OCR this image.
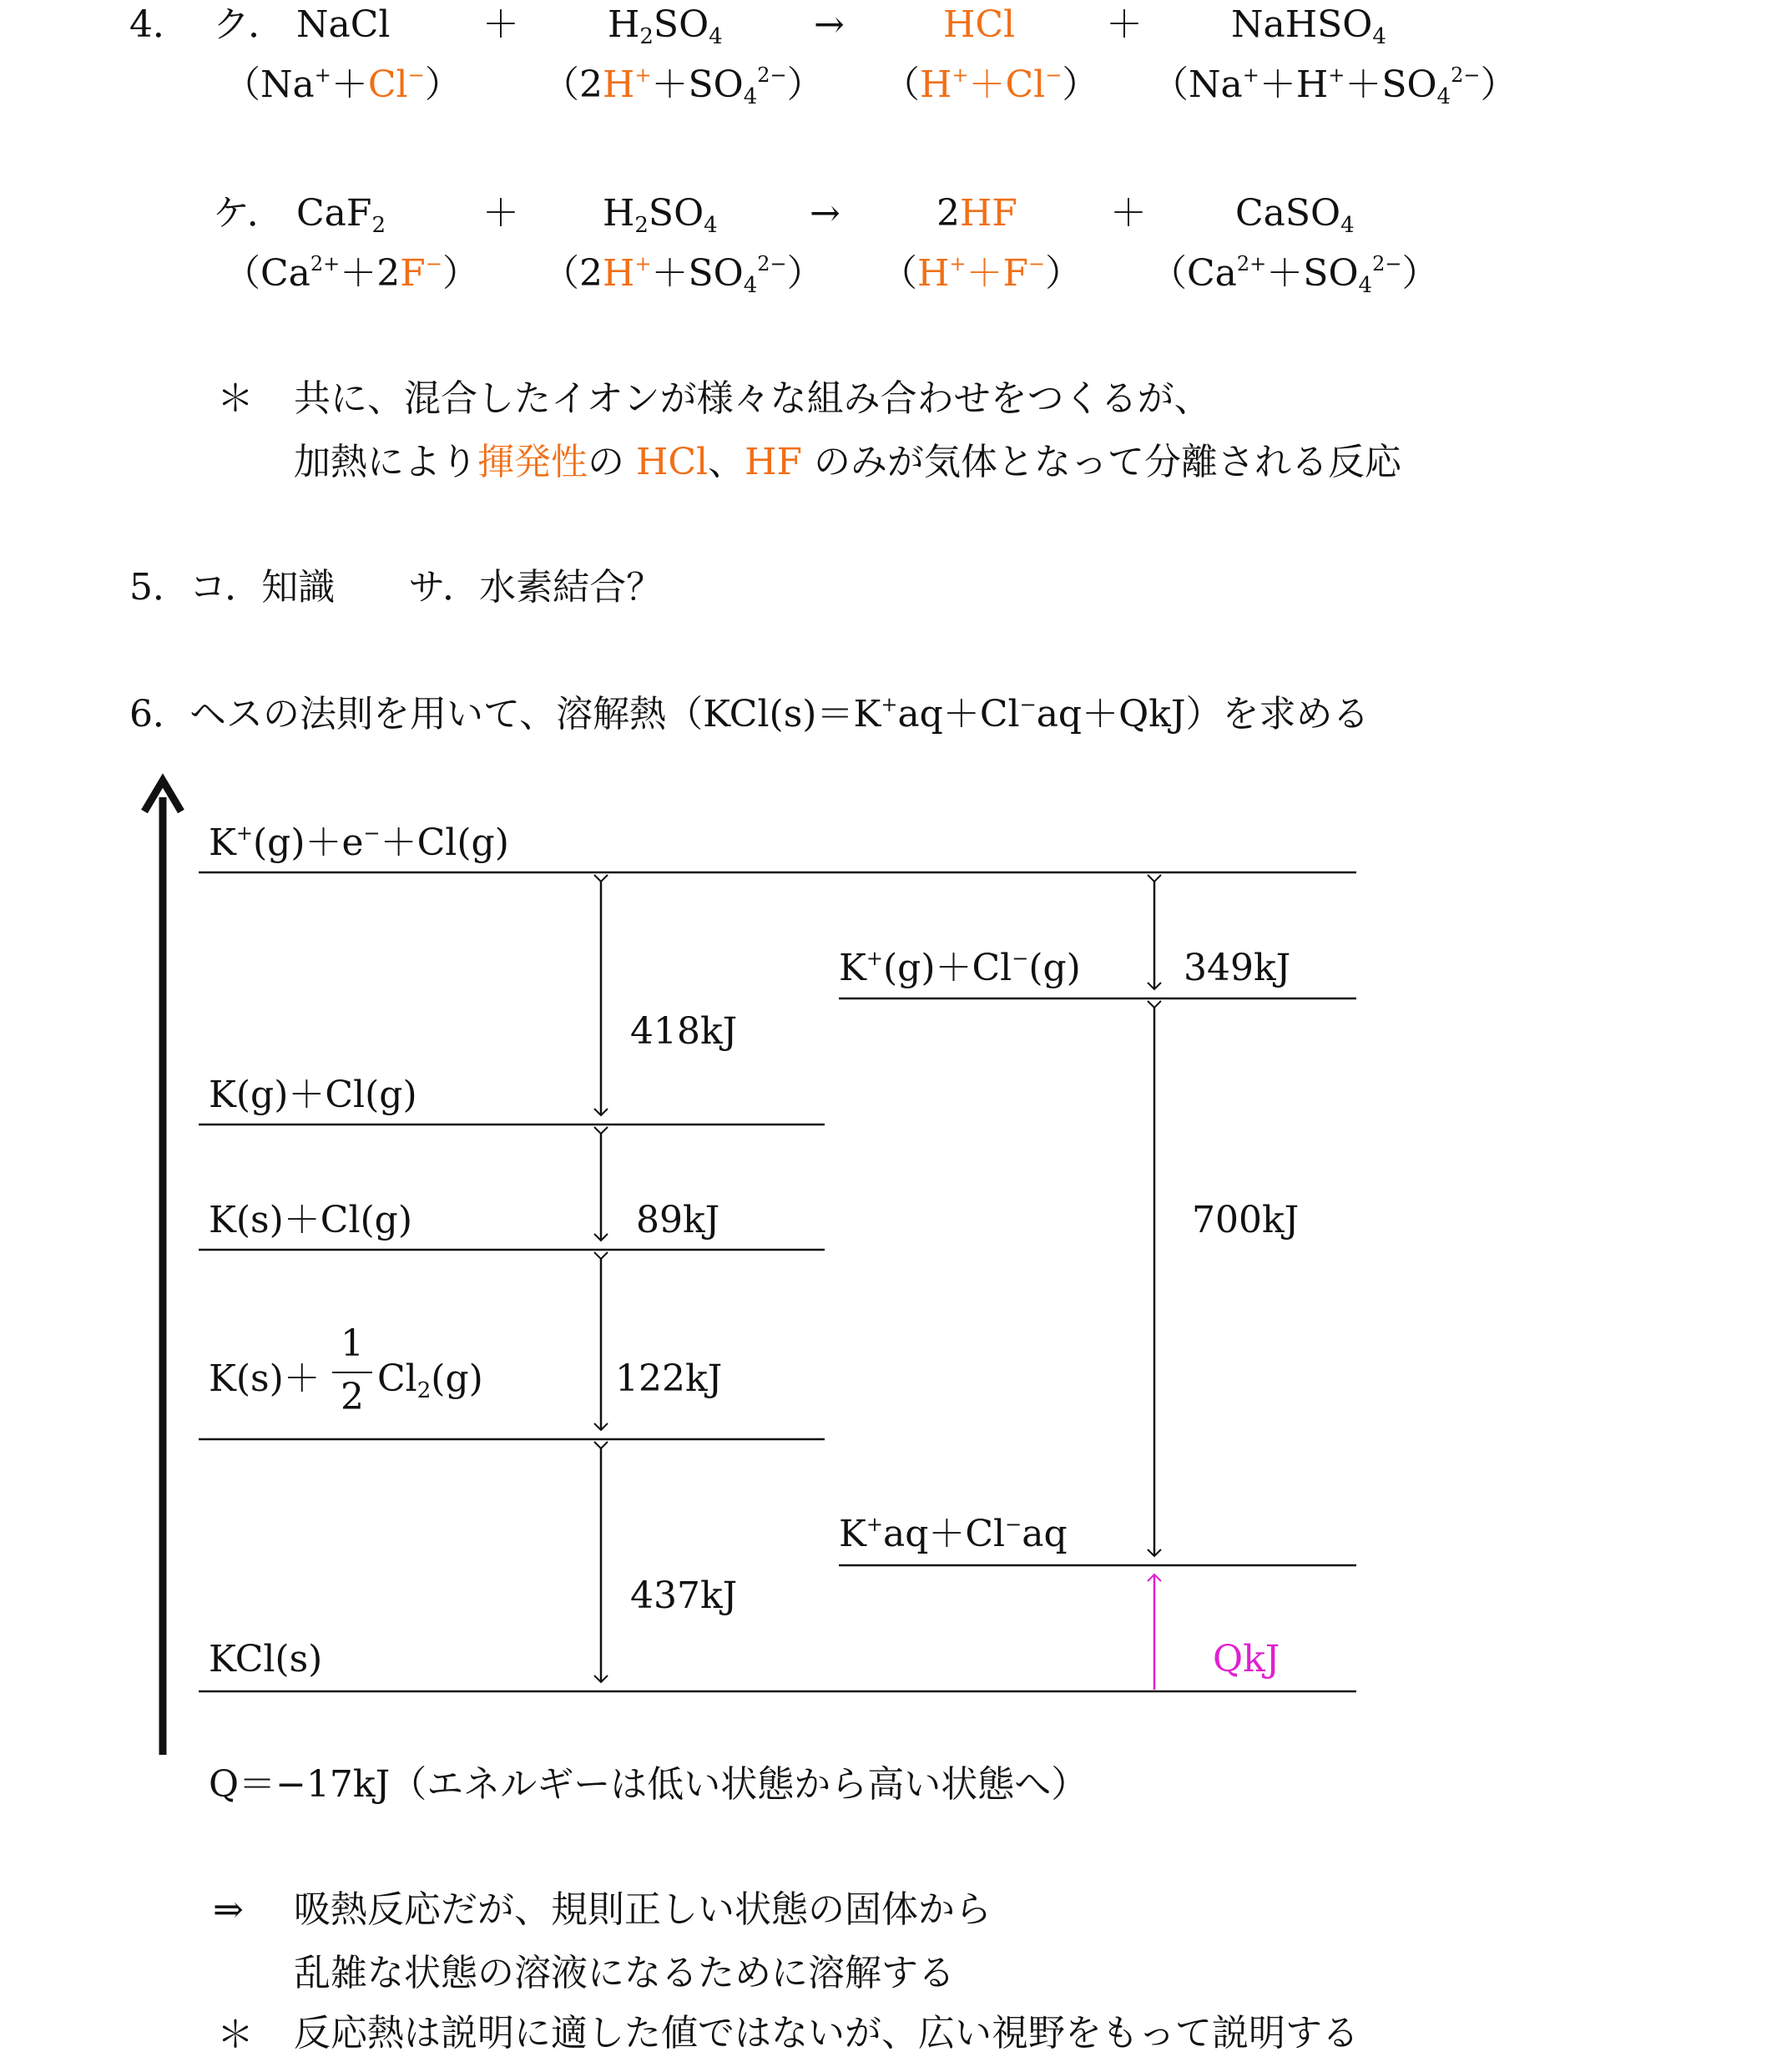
4． ク． NaCl	＋ $H_2SO_4$ →	HCl ＋ NaHSO$_4$
（Na+＋Cl−） $(2H^++SO_4^{2-})$ （H+＋Cl−） $(Na^++H^++SO_4^{2-})$
ケ． CaF$_2$	＋ $H_2SO_4$	→	2HF	＋ CaSO$_4$
$(Ca^{2+}+2F^-)$ $(2H^++SO_4^{2-})$ （H+＋F−） $(Ca^{2+}+SO_4^{2-})$
＊ 共に、混合したイオンが様々な組み合わせをつくるが、
加熱により揮発性の HCl、HF のみが気体となって分離される反応
5．コ．知識　　サ．水素結合？
6．ヘスの法則を用いて、溶解熱（KCl(s)＝K+aq＋Cl−aq＋QkJ）を求める
K+(g)＋e−＋Cl(g)
K+(g)＋Cl−(g)
K(g)＋Cl(g)
K(s)＋Cl(g)
K(s)＋
1
2 $Cl_2(g)$
K+aq＋Cl−aq
KCl(s)
418kJ
349kJ
89kJ	700kJ
122kJ
437kJ
QkJ
Q＝−17kJ（エネルギーは低い状態から高い状態へ）
⇒ 吸熱反応だが、規則正しい状態の固体から
乱雑な状態の溶液になるために溶解する
＊ 反応熱は説明に適した値ではないが、広い視野をもって説明する
